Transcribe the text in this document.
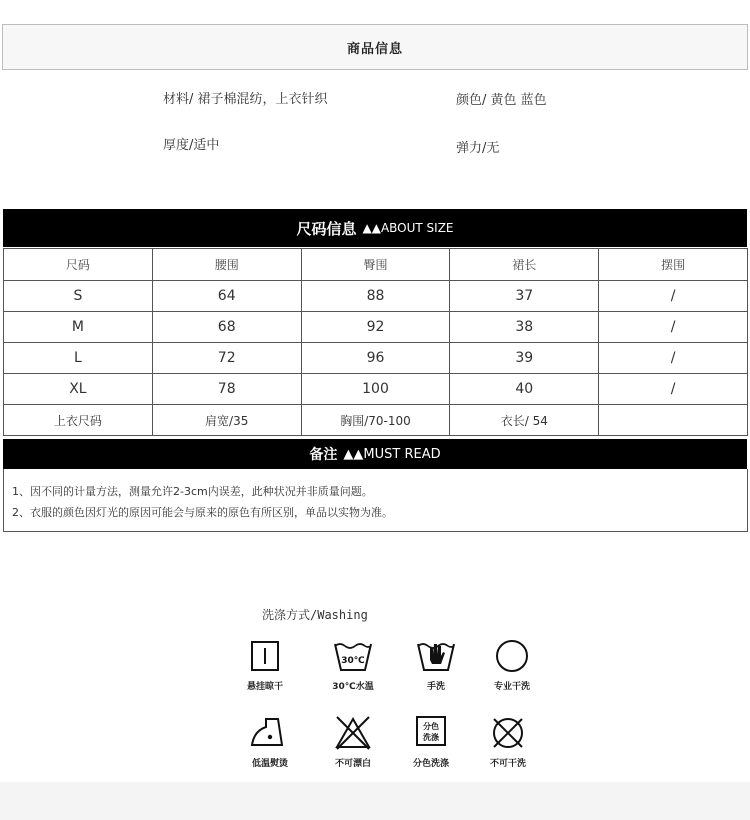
商品信息
材料/ 裙子棉混纺，上衣针织	颜色/ 黄色 蓝色
厚度/适中	弹力/无
尺码信息 ▲▲ABOUT SIZE
尺码	腰围	臀围	裙长	摆围
S	64	88	37	/
M	68	92	38	/
L	72	96	39	/
XL	78	100	40	/
上衣尺码	肩宽/35	胸围/70-100	衣长/ 54	
备注 ▲▲MUST READ
1、因不同的计量方法，测量允许2-3cm内误差，此种状况并非质量问题。
2、衣服的颜色因灯光的原因可能会与原来的原色有所区别，单品以实物为准。
洗涤方式/Washing
悬挂晾干
30℃
30℃水温	手洗	专业干洗
低温熨烫	不可漂白
分色
洗涤
分色洗涤	不可干洗
